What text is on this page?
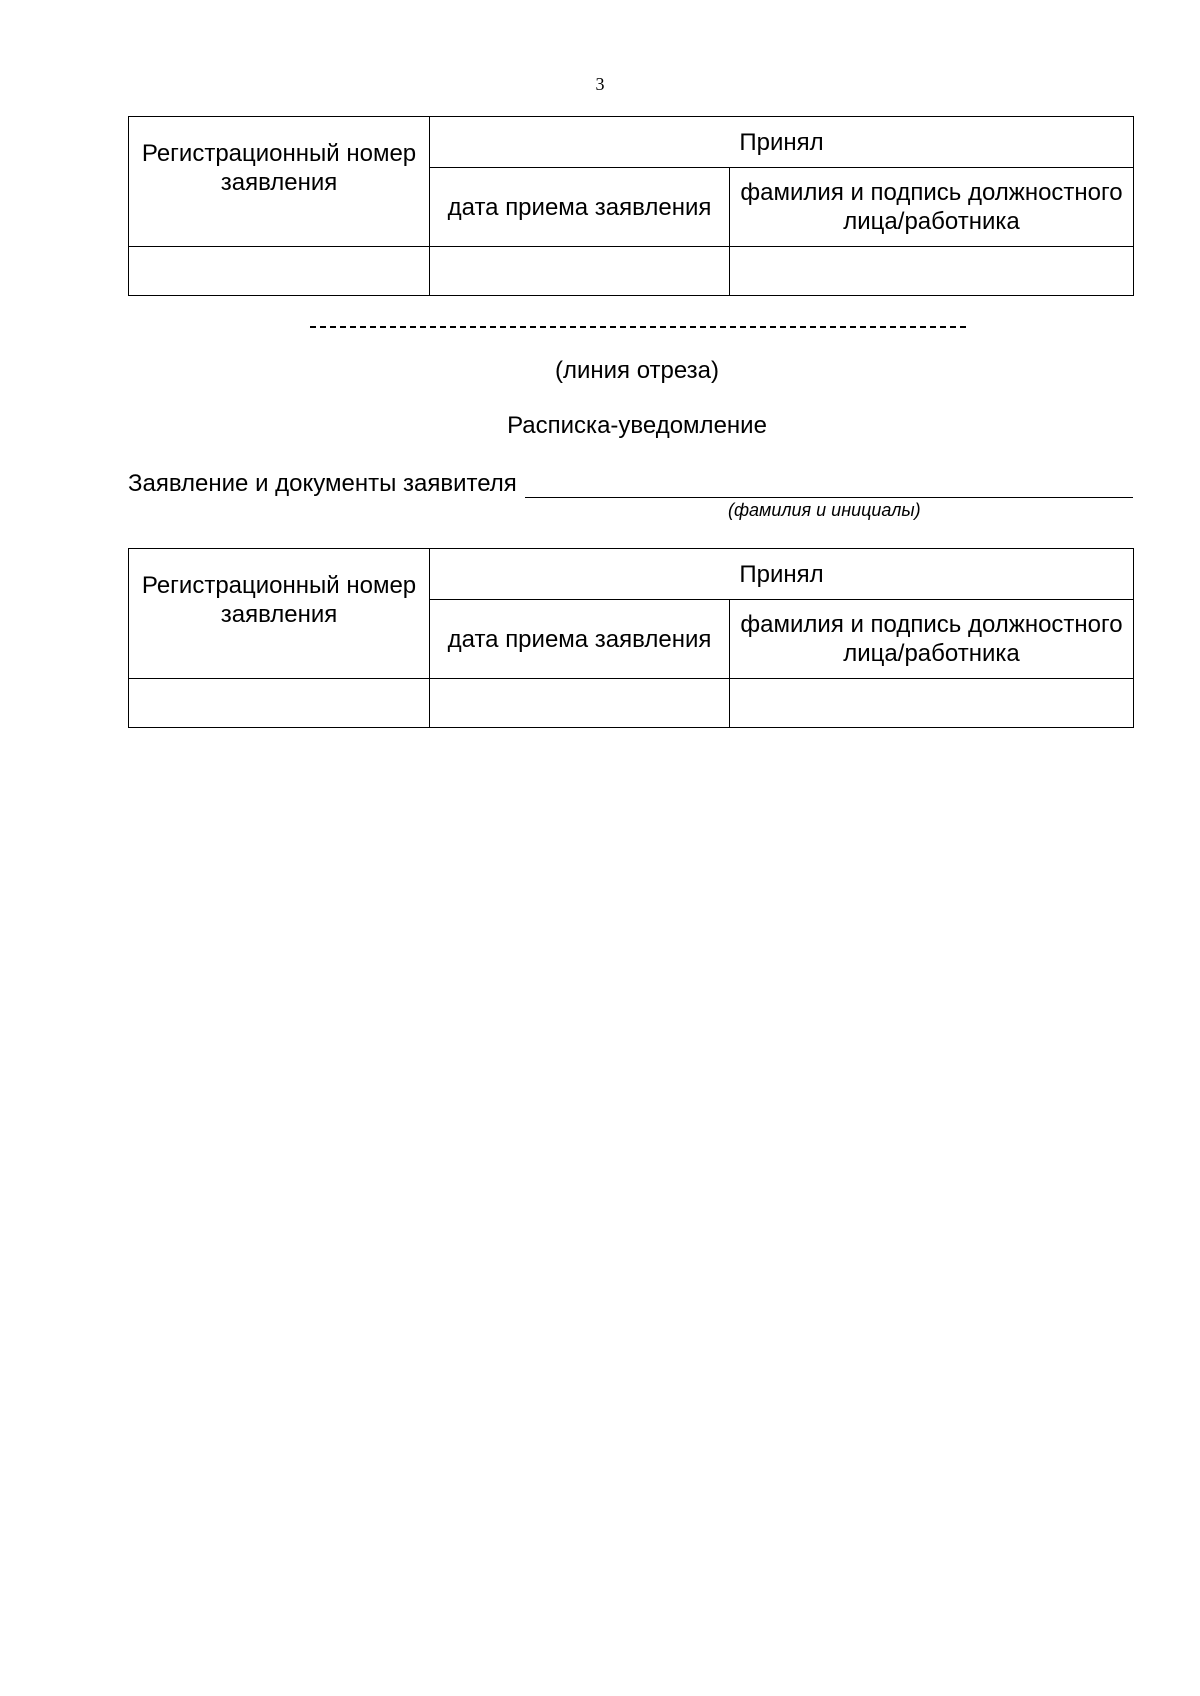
3
Регистрационный номер заявления	Принял	
	дата приема заявления	фамилия и подпись должностного лица/работника

(линия отреза)
Расписка-уведомление
Заявление и документы заявителя
(фамилия и инициалы)
Регистрационный номер заявления	Принял	
	дата приема заявления	фамилия и подпись должностного лица/работника
